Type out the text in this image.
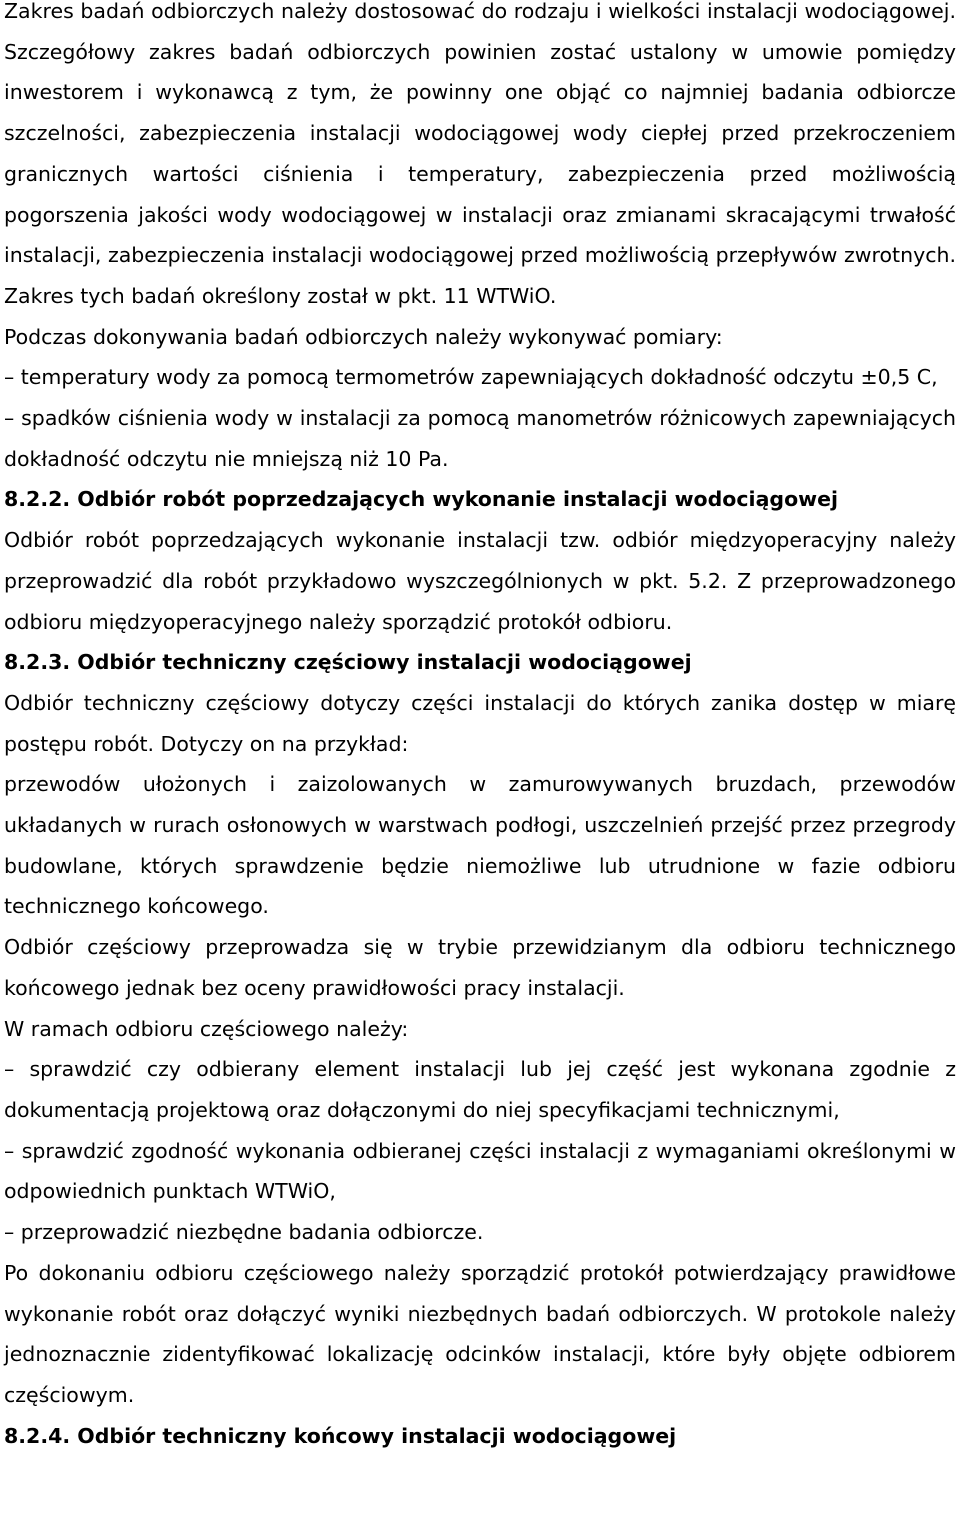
Zakres badań odbiorczych należy dostosować do rodzaju i wielkości instalacji wodociągowej. Szczegółowy zakres badań odbiorczych powinien zostać ustalony w umowie pomiędzy inwestorem i wykonawcą z tym, że powinny one objąć co najmniej badania odbiorcze szczelności, zabezpieczenia instalacji wodociągowej wody ciepłej przed przekroczeniem granicznych wartości ciśnienia i temperatury, zabezpieczenia przed możliwością pogorszenia jakości wody wodociągowej w instalacji oraz zmianami skracającymi trwałość instalacji, zabezpieczenia instalacji wodociągowej przed możliwością przepływów zwrotnych. Zakres tych badań określony został w pkt. 11 WTWiO.

Podczas dokonywania badań odbiorczych należy wykonywać pomiary:

– temperatury wody za pomocą termometrów zapewniających dokładność odczytu ±0,5 C,

– spadków ciśnienia wody w instalacji za pomocą manometrów różnicowych zapewniających dokładność odczytu nie mniejszą niż 10 Pa.

8.2.2. Odbiór robót poprzedzających wykonanie instalacji wodociągowej

Odbiór robót poprzedzających wykonanie instalacji tzw. odbiór międzyoperacyjny należy przeprowadzić dla robót przykładowo wyszczególnionych w pkt. 5.2. Z przeprowadzonego odbioru międzyoperacyjnego należy sporządzić protokół odbioru.

8.2.3. Odbiór techniczny częściowy instalacji wodociągowej

Odbiór techniczny częściowy dotyczy części instalacji do których zanika dostęp w miarę postępu robót. Dotyczy on na przykład:

przewodów ułożonych i zaizolowanych w zamurowywanych bruzdach, przewodów układanych w rurach osłonowych w warstwach podłogi, uszczelnień przejść przez przegrody budowlane, których sprawdzenie będzie niemożliwe lub utrudnione w fazie odbioru technicznego końcowego.

Odbiór częściowy przeprowadza się w trybie przewidzianym dla odbioru technicznego końcowego jednak bez oceny prawidłowości pracy instalacji.

W ramach odbioru częściowego należy:

– sprawdzić czy odbierany element instalacji lub jej część jest wykonana zgodnie z dokumentacją projektową oraz dołączonymi do niej specyfikacjami technicznymi,

– sprawdzić zgodność wykonania odbieranej części instalacji z wymaganiami określonymi w odpowiednich punktach WTWiO,

– przeprowadzić niezbędne badania odbiorcze.

Po dokonaniu odbioru częściowego należy sporządzić protokół potwierdzający prawidłowe wykonanie robót oraz dołączyć wyniki niezbędnych badań odbiorczych. W protokole należy jednoznacznie zidentyfikować lokalizację odcinków instalacji, które były objęte odbiorem częściowym.

8.2.4. Odbiór techniczny końcowy instalacji wodociągowej
